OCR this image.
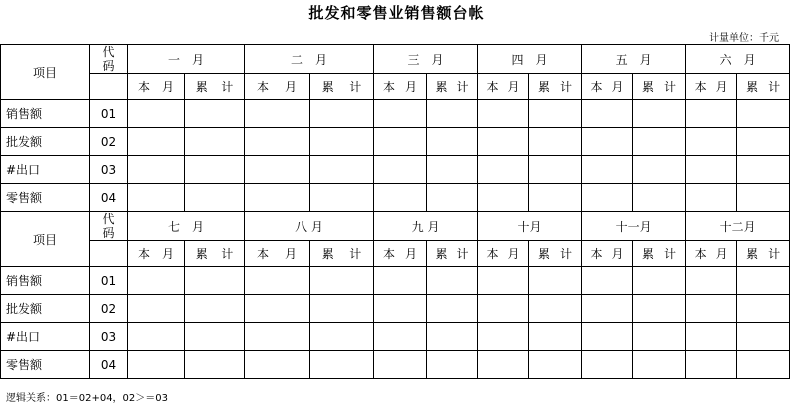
批发和零售业销售额台帐
计量单位：千元
项目	代
码	一　月		二　月		三　月		四　月		五　月		六　月	

		本 月	累 计	本 月	累 计	本 月	累 计	本 月	累 计	本 月	累 计	本 月	累 计

销售额	01												
批发额	02												
#出口	03												
零售额	04												
项目	代
码	七　月		八 月		九 月		十月		十一月		十二月	

		本 月	累 计	本 月	累 计	本 月	累 计	本 月	累 计	本 月	累 计	本 月	累 计

销售额	01												
批发额	02												
#出口	03												
零售额	04												
逻辑关系：01＝02+04，02＞＝03
